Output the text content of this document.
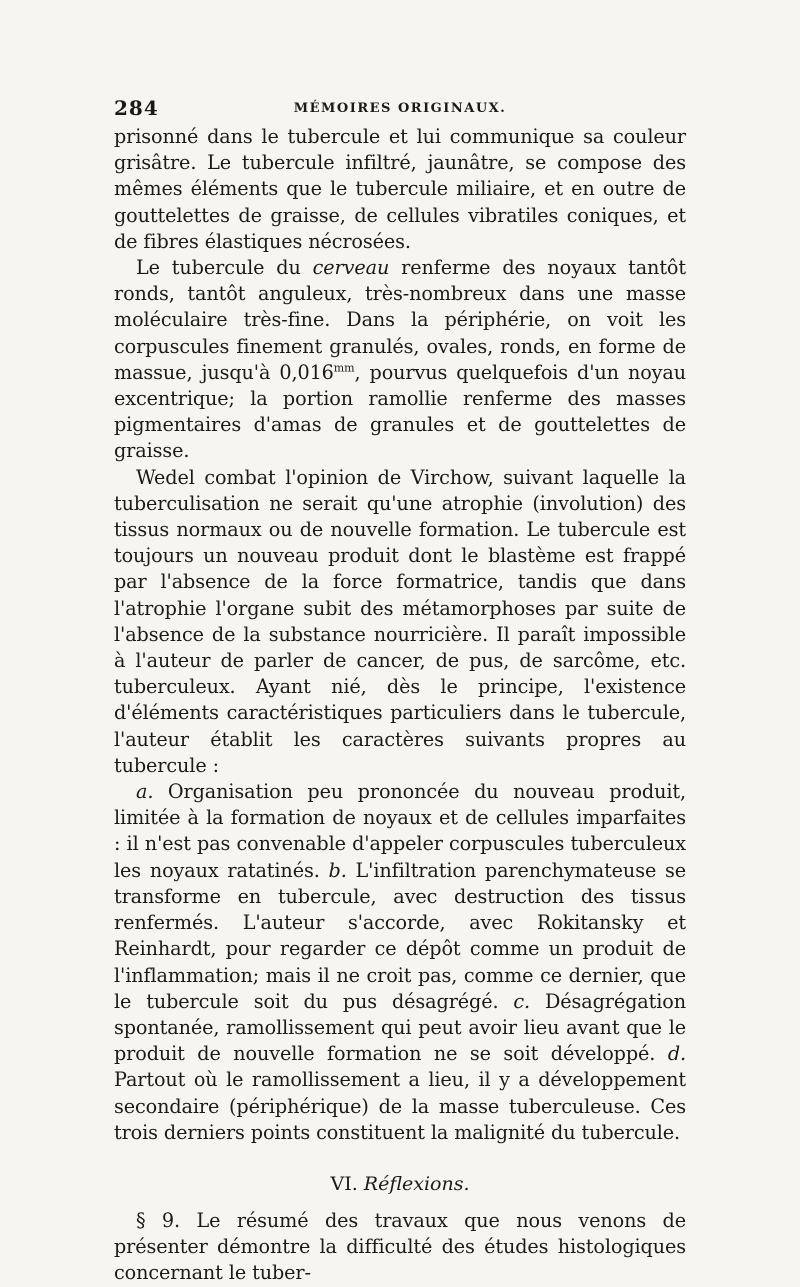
284	MÉMOIRES ORIGINAUX.

prisonné dans le tubercule et lui communique sa couleur grisâtre. Le tubercule infiltré, jaunâtre, se compose des mêmes éléments que le tubercule miliaire, et en outre de gouttelettes de graisse, de cellules vibratiles coniques, et de fibres élastiques nécrosées.

Le tubercule du cerveau renferme des noyaux tantôt ronds, tantôt anguleux, très-nombreux dans une masse moléculaire très-fine. Dans la périphérie, on voit les corpuscules finement granulés, ovales, ronds, en forme de massue, jusqu'à $0,016^{mm}$, pourvus quelquefois d'un noyau excentrique; la portion ramollie renferme des masses pigmentaires d'amas de granules et de gouttelettes de graisse.

Wedel combat l'opinion de Virchow, suivant laquelle la tuberculisation ne serait qu'une atrophie (involution) des tissus normaux ou de nouvelle formation. Le tubercule est toujours un nouveau produit dont le blastème est frappé par l'absence de la force formatrice, tandis que dans l'atrophie l'organe subit des métamorphoses par suite de l'absence de la substance nourricière. Il paraît impossible à l'auteur de parler de cancer, de pus, de sarcôme, etc. tuberculeux. Ayant nié, dès le principe, l'existence d'éléments caractéristiques particuliers dans le tubercule, l'auteur établit les caractères suivants propres au tubercule :

a. Organisation peu prononcée du nouveau produit, limitée à la formation de noyaux et de cellules imparfaites : il n'est pas convenable d'appeler corpuscules tuberculeux les noyaux ratatinés. b. L'infiltration parenchymateuse se transforme en tubercule, avec destruction des tissus renfermés. L'auteur s'accorde, avec Rokitansky et Reinhardt, pour regarder ce dépôt comme un produit de l'inflammation; mais il ne croit pas, comme ce dernier, que le tubercule soit du pus désagrégé. c. Désagrégation spontanée, ramollissement qui peut avoir lieu avant que le produit de nouvelle formation ne se soit développé. d. Partout où le ramollissement a lieu, il y a développement secondaire (périphérique) de la masse tuberculeuse. Ces trois derniers points constituent la malignité du tubercule.

VI. Réflexions.

§ 9. Le résumé des travaux que nous venons de présenter démontre la difficulté des études histologiques concernant le tuber-
